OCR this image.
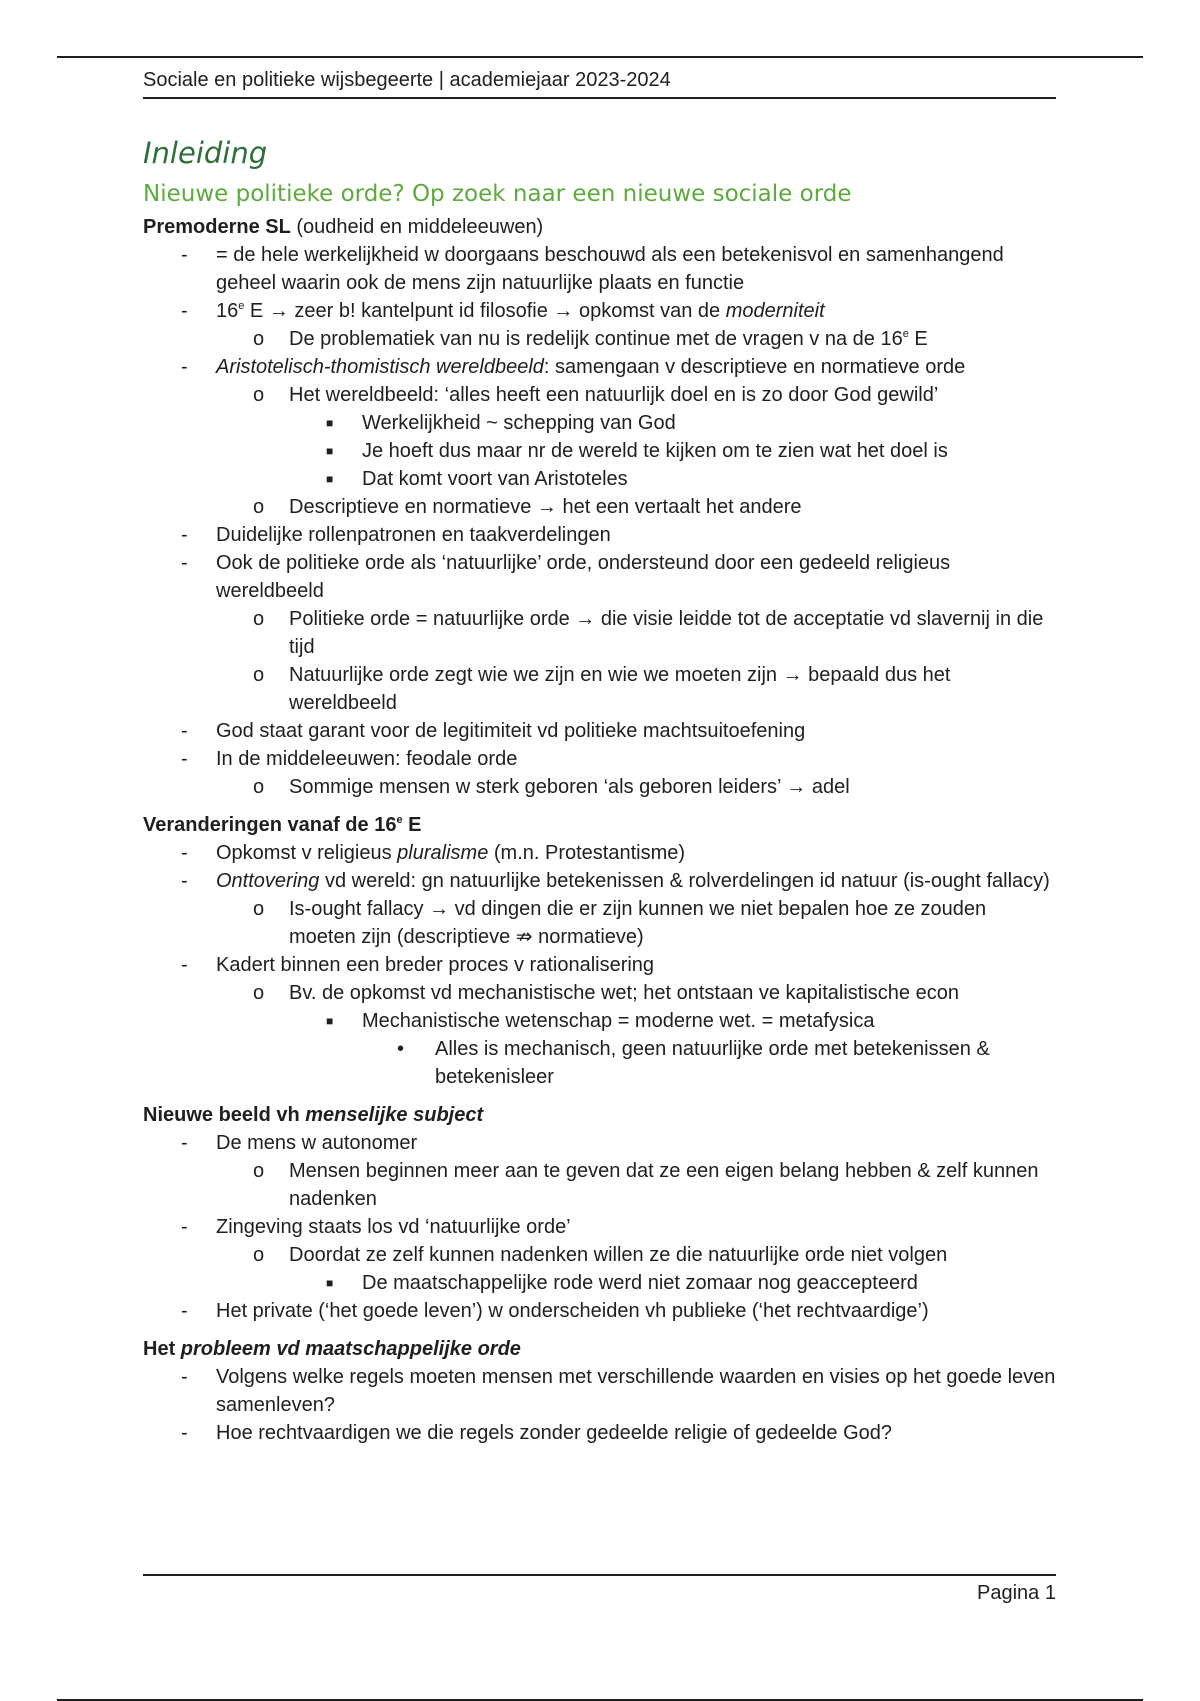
Sociale en politieke wijsbegeerte | academiejaar 2023-2024
Inleiding
Nieuwe politieke orde? Op zoek naar een nieuwe sociale orde
Premoderne SL (oudheid en middeleeuwen)
- = de hele werkelijkheid w doorgaans beschouwd als een betekenisvol en samenhangend geheel waarin ook de mens zijn natuurlijke plaats en functie
- 16e E → zeer b! kantelpunt id filosofie → opkomst van de moderniteit
o De problematiek van nu is redelijk continue met de vragen v na de 16e E
- Aristotelisch-thomistisch wereldbeeld: samengaan v descriptieve en normatieve orde
o Het wereldbeeld: ‘alles heeft een natuurlijk doel en is zo door God gewild’
■ Werkelijkheid ~ schepping van God
■ Je hoeft dus maar nr de wereld te kijken om te zien wat het doel is
■ Dat komt voort van Aristoteles
o Descriptieve en normatieve → het een vertaalt het andere
- Duidelijke rollenpatronen en taakverdelingen
- Ook de politieke orde als ‘natuurlijke’ orde, ondersteund door een gedeeld religieus wereldbeeld
o Politieke orde = natuurlijke orde → die visie leidde tot de acceptatie vd slavernij in die tijd
o Natuurlijke orde zegt wie we zijn en wie we moeten zijn → bepaald dus het wereldbeeld
- God staat garant voor de legitimiteit vd politieke machtsuitoefening
- In de middeleeuwen: feodale orde
o Sommige mensen w sterk geboren ‘als geboren leiders’ → adel
Veranderingen vanaf de 16e E
- Opkomst v religieus pluralisme (m.n. Protestantisme)
- Onttovering vd wereld: gn natuurlijke betekenissen & rolverdelingen id natuur (is-ought fallacy)
o Is-ought fallacy → vd dingen die er zijn kunnen we niet bepalen hoe ze zouden moeten zijn (descriptieve ⇏ normatieve)
- Kadert binnen een breder proces v rationalisering
o Bv. de opkomst vd mechanistische wet; het ontstaan ve kapitalistische econ
■ Mechanistische wetenschap = moderne wet. = metafysica
• Alles is mechanisch, geen natuurlijke orde met betekenissen & betekenisleer
Nieuwe beeld vh menselijke subject
- De mens w autonomer
o Mensen beginnen meer aan te geven dat ze een eigen belang hebben & zelf kunnen nadenken
- Zingeving staats los vd ‘natuurlijke orde’
o Doordat ze zelf kunnen nadenken willen ze die natuurlijke orde niet volgen
■ De maatschappelijke rode werd niet zomaar nog geaccepteerd
- Het private (‘het goede leven’) w onderscheiden vh publieke (‘het rechtvaardige’)
Het probleem vd maatschappelijke orde
- Volgens welke regels moeten mensen met verschillende waarden en visies op het goede leven samenleven?
- Hoe rechtvaardigen we die regels zonder gedeelde religie of gedeelde God?
Pagina 1
